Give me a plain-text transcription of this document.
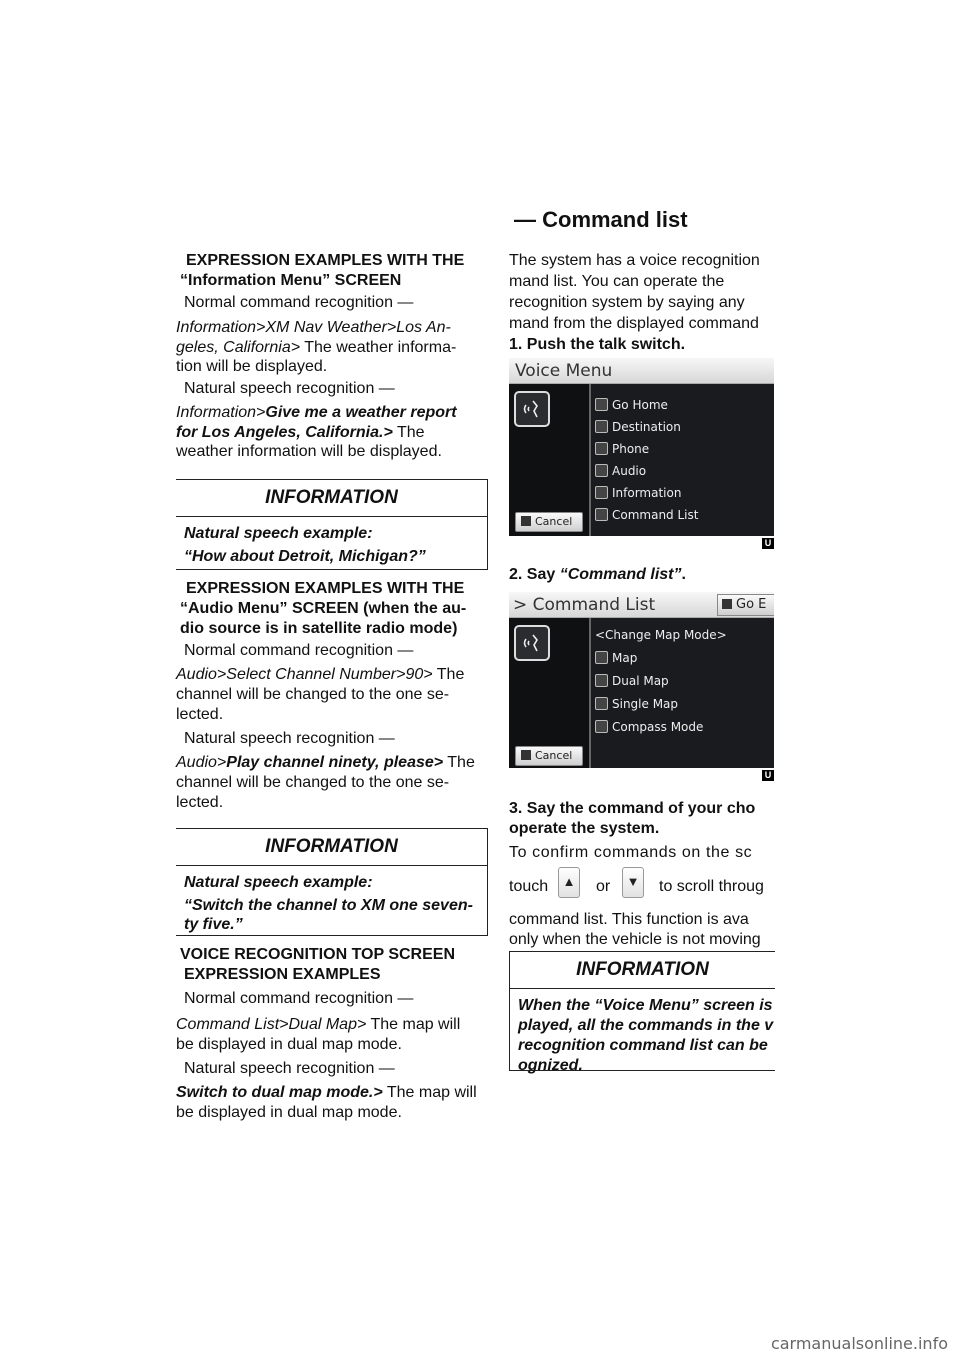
— Command list
EXPRESSION EXAMPLES WITH THE
“Information Menu” SCREEN
Normal command recognition —
Information>XM Nav Weather>Los An-
geles, California> The weather informa-
tion will be displayed.
Natural speech recognition —
Information>Give me a weather report
for Los Angeles, California.> The
weather information will be displayed.
INFORMATION
Natural speech example:
“How about Detroit, Michigan?”
EXPRESSION EXAMPLES WITH THE
“Audio Menu” SCREEN (when the au-
dio source is in satellite radio mode)
Normal command recognition —
Audio>Select Channel Number>90> The
channel will be changed to the one se-
lected.
Natural speech recognition —
Audio>Play channel ninety, please> The
channel will be changed to the one se-
lected.
INFORMATION
Natural speech example:
“Switch the channel to XM one seven-
ty five.”
VOICE RECOGNITION TOP SCREEN
EXPRESSION EXAMPLES
Normal command recognition —
Command List>Dual Map> The map will
be displayed in dual map mode.
Natural speech recognition —
Switch to dual map mode.> The map will
be displayed in dual map mode.
The system has a voice recognition
mand list. You can operate the
recognition system by saying any
mand from the displayed command
1. Push the talk switch.
Voice Menu
Cancel
Go Home
Destination
Phone
Audio
Information
Command List
U
2. Say “Command list”.
> Command List	Go E
Cancel
<Change Map Mode>
Map
Dual Map
Single Map
Compass Mode
U
3. Say the command of your cho
operate the system.
To confirm commands on the sc
touch	▲ or	▼ to scroll throug
command list. This function is ava
only when the vehicle is not moving
INFORMATION
When the “Voice Menu” screen is
played, all the commands in the v
recognition command list can be
ognized.
carmanualsonline.info
